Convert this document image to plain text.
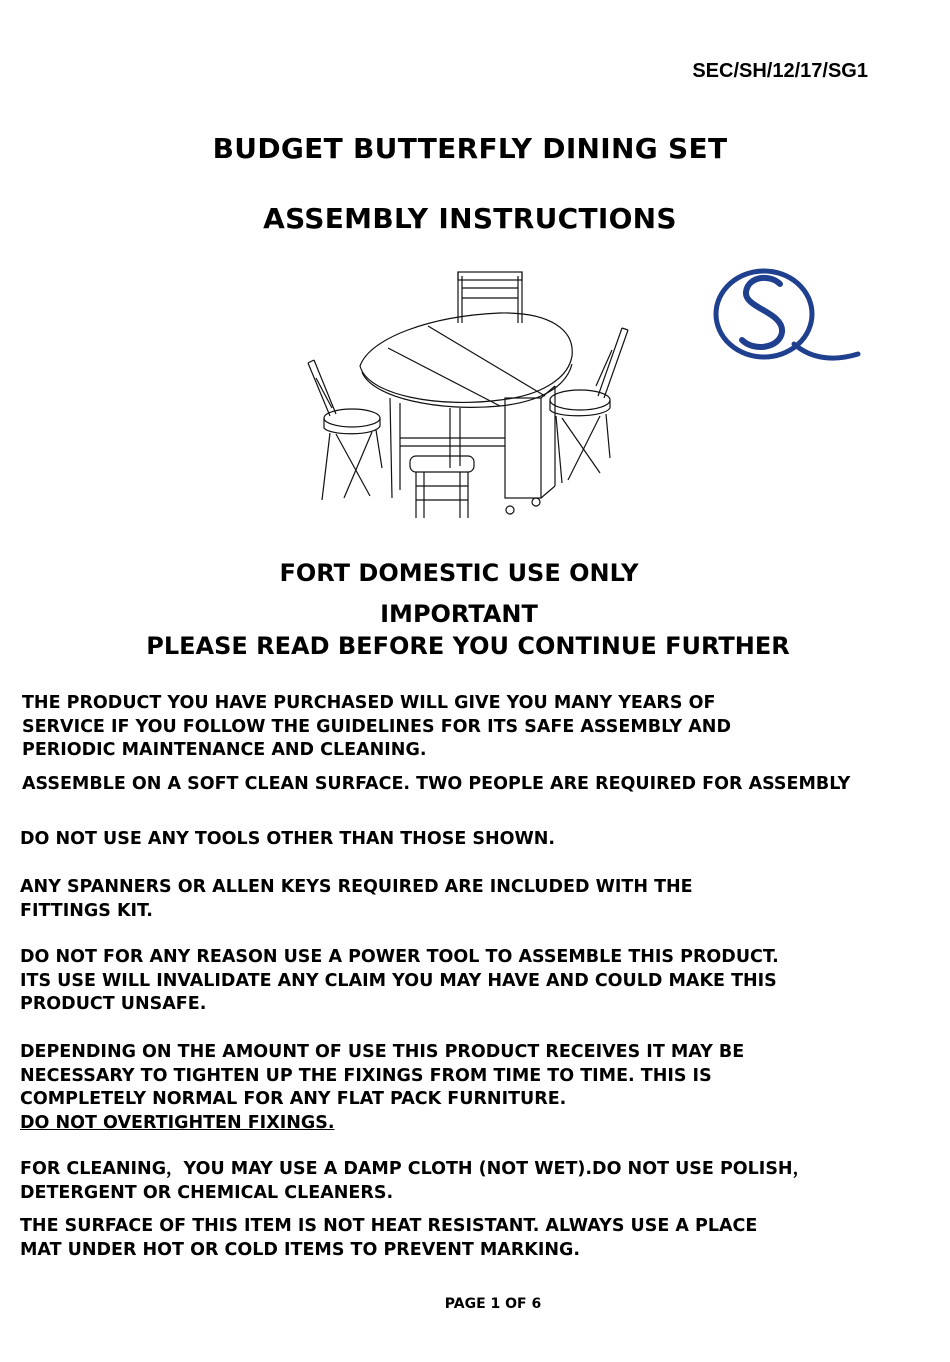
SEC/SH/12/17/SG1
BUDGET BUTTERFLY DINING SET
ASSEMBLY INSTRUCTIONS
FORT DOMESTIC USE ONLY
IMPORTANT
PLEASE READ BEFORE YOU CONTINUE FURTHER
THE PRODUCT YOU HAVE PURCHASED WILL GIVE YOU MANY YEARS OF
SERVICE IF YOU FOLLOW THE GUIDELINES FOR ITS SAFE ASSEMBLY AND
PERIODIC MAINTENANCE AND CLEANING.
ASSEMBLE ON A SOFT CLEAN SURFACE. TWO PEOPLE ARE REQUIRED FOR ASSEMBLY
DO NOT USE ANY TOOLS OTHER THAN THOSE SHOWN.
ANY SPANNERS OR ALLEN KEYS REQUIRED ARE INCLUDED WITH THE
FITTINGS KIT.
DO NOT FOR ANY REASON USE A POWER TOOL TO ASSEMBLE THIS PRODUCT.
ITS USE WILL INVALIDATE ANY CLAIM YOU MAY HAVE AND COULD MAKE THIS
PRODUCT UNSAFE.
DEPENDING ON THE AMOUNT OF USE THIS PRODUCT RECEIVES IT MAY BE
NECESSARY TO TIGHTEN UP THE FIXINGS FROM TIME TO TIME. THIS IS
COMPLETELY NORMAL FOR ANY FLAT PACK FURNITURE.
DO NOT OVERTIGHTEN FIXINGS.
FOR CLEANING，YOU MAY USE A DAMP CLOTH (NOT WET).DO NOT USE POLISH，
DETERGENT OR CHEMICAL CLEANERS.
THE SURFACE OF THIS ITEM IS NOT HEAT RESISTANT. ALWAYS USE A PLACE
MAT UNDER HOT OR COLD ITEMS TO PREVENT MARKING.
PAGE 1 OF 6
